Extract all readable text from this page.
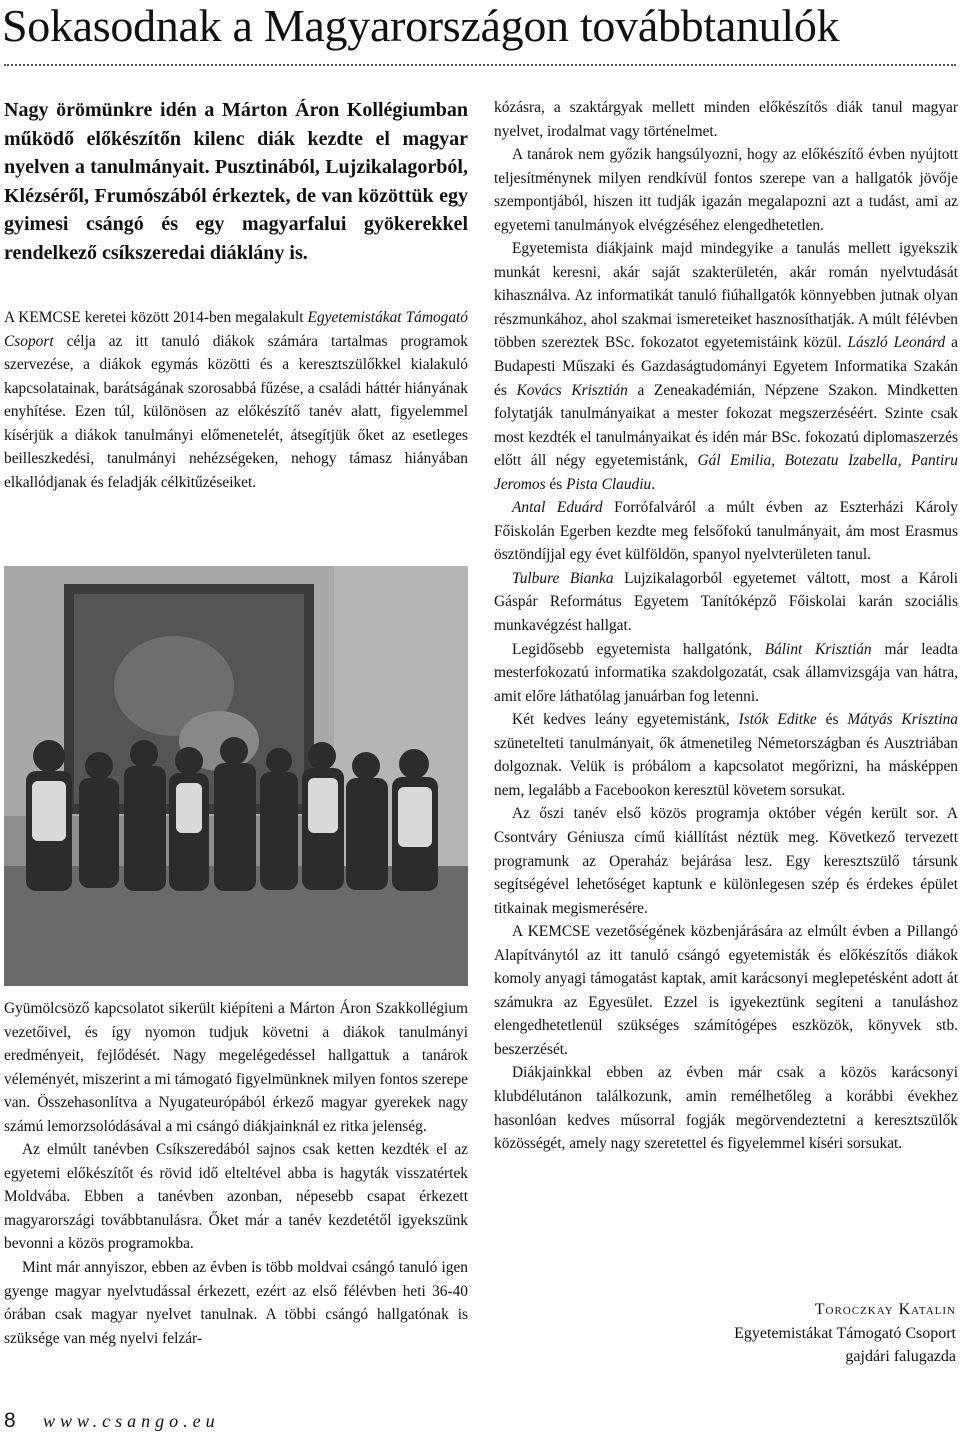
Sokasodnak a Magyarországon továbbtanulók

Nagy örömünkre idén a Márton Áron Kollégiumban működő előkészítőn kilenc diák kezdte el magyar nyelven a tanulmányait. Pusztinából, Lujzikalagorból, Klézséről, Frumószából érkeztek, de van közöttük egy gyimesi csángó és egy magyarfalui gyökerekkel rendelkező csíkszeredai diáklány is.

A KEMCSE keretei között 2014-ben megalakult Egyetemistákat Támogató Csoport célja az itt tanuló diákok számára tartalmas programok szervezése, a diákok egymás közötti és a keresztszülőkkel kialakuló kapcsolatainak, barátságának szorosabbá fűzése, a családi háttér hiányának enyhítése. Ezen túl, különösen az előkészítő tanév alatt, figyelemmel kísérjük a diákok tanulmányi előmenetelét, átsegítjük őket az esetleges beilleszkedési, tanulmányi nehézségeken, nehogy támasz hiányában elkallódjanak és feladják célkitűzéseiket.

Gyümölcsöző kapcsolatot sikerült kiépíteni a Márton Áron Szakkollégium vezetőivel, és így nyomon tudjuk követni a diákok tanulmányi eredményeit, fejlődését. Nagy megelégedéssel hallgattuk a tanárok véleményét, miszerint a mi támogató figyelmünknek milyen fontos szerepe van. Összehasonlítva a Nyugateurópából érkező magyar gyerekek nagy számú lemorzsolódásával a mi csángó diákjainknál ez ritka jelenség.

Az elmúlt tanévben Csíkszeredából sajnos csak ketten kezdték el az egyetemi előkészítőt és rövid idő elteltével abba is hagyták visszatértek Moldvába. Ebben a tanévben azonban, népesebb csapat érkezett magyarországi továbbtanulásra. Őket már a tanév kezdetétől igyekszünk bevonni a közös programokba.

Mint már annyiszor, ebben az évben is több moldvai csángó tanuló igen gyenge magyar nyelvtudással érkezett, ezért az első félévben heti 36-40 órában csak magyar nyelvet tanulnak. A többi csángó hallgatónak is szüksége van még nyelvi felzár-

kózásra, a szaktárgyak mellett minden előkészítős diák tanul magyar nyelvet, irodalmat vagy történelmet.

A tanárok nem győzik hangsúlyozni, hogy az előkészítő évben nyújtott teljesítménynek milyen rendkívül fontos szerepe van a hallgatók jövője szempontjából, hiszen itt tudják igazán megalapozni azt a tudást, ami az egyetemi tanulmányok elvégzéséhez elengedhetetlen.

Egyetemista diákjaink majd mindegyike a tanulás mellett igyekszik munkát keresni, akár saját szakterületén, akár román nyelvtudását kihasználva. Az informatikát tanuló fiúhallgatók könnyebben jutnak olyan részmunkához, ahol szakmai ismereteiket hasznosíthatják. A múlt félévben többen szereztek BSc. fokozatot egyetemistáink közül. László Leonárd a Budapesti Műszaki és Gazdaságtudományi Egyetem Informatika Szakán és Kovács Krisztián a Zeneakadémián, Népzene Szakon. Mindketten folytatják tanulmányaikat a mester fokozat megszerzéséért. Szinte csak most kezdték el tanulmányaikat és idén már BSc. fokozatú diplomaszerzés előtt áll négy egyetemistánk, Gál Emilia, Botezatu Izabella, Pantiru Jeromos és Pista Claudiu.

Antal Eduárd Forrófalváról a múlt évben az Eszterházi Károly Főiskolán Egerben kezdte meg felsőfokú tanulmányait, ám most Erasmus ösztöndíjjal egy évet külföldön, spanyol nyelvterületen tanul.

Tulbure Bianka Lujzikalagorból egyetemet váltott, most a Károli Gáspár Református Egyetem Tanítóképző Főiskolai karán szociális munkavégzést hallgat.

Legidősebb egyetemista hallgatónk, Bálint Krisztián már leadta mesterfokozatú informatika szakdolgozatát, csak államvizsgája van hátra, amit előre láthatólag januárban fog letenni.

Két kedves leány egyetemistánk, Istók Editke és Mátyás Krisztina szünetelteti tanulmányait, ők átmenetileg Németországban és Ausztriában dolgoznak. Velük is próbálom a kapcsolatot megőrizni, ha másképpen nem, legalább a Facebookon keresztül követem sorsukat.

Az őszi tanév első közös programja október végén került sor. A Csontváry Géniusza című kiállítást néztük meg. Következő tervezett programunk az Operaház bejárása lesz. Egy keresztszülő társunk segítségével lehetőséget kaptunk e különlegesen szép és érdekes épület titkainak megismerésére.

A KEMCSE vezetőségének közbenjárására az elmúlt évben a Pillangó Alapítványtól az itt tanuló csángó egyetemisták és előkészítős diákok komoly anyagi támogatást kaptak, amit karácsonyi meglepetésként adott át számukra az Egyesület. Ezzel is igyekeztünk segíteni a tanuláshoz elengedhetetlenül szükséges számítógépes eszközök, könyvek stb. beszerzését.

Diákjainkkal ebben az évben már csak a közös karácsonyi klubdélutánon találkozunk, amin remélhetőleg a korábbi évekhez hasonlóan kedves műsorral fogják megörvendeztetni a keresztszülők közösségét, amely nagy szeretettel és figyelemmel kíséri sorsukat.

Toroczkay Katalin
Egyetemistákat Támogató Csoport
gajdári falugazda
8 www.csango.eu
